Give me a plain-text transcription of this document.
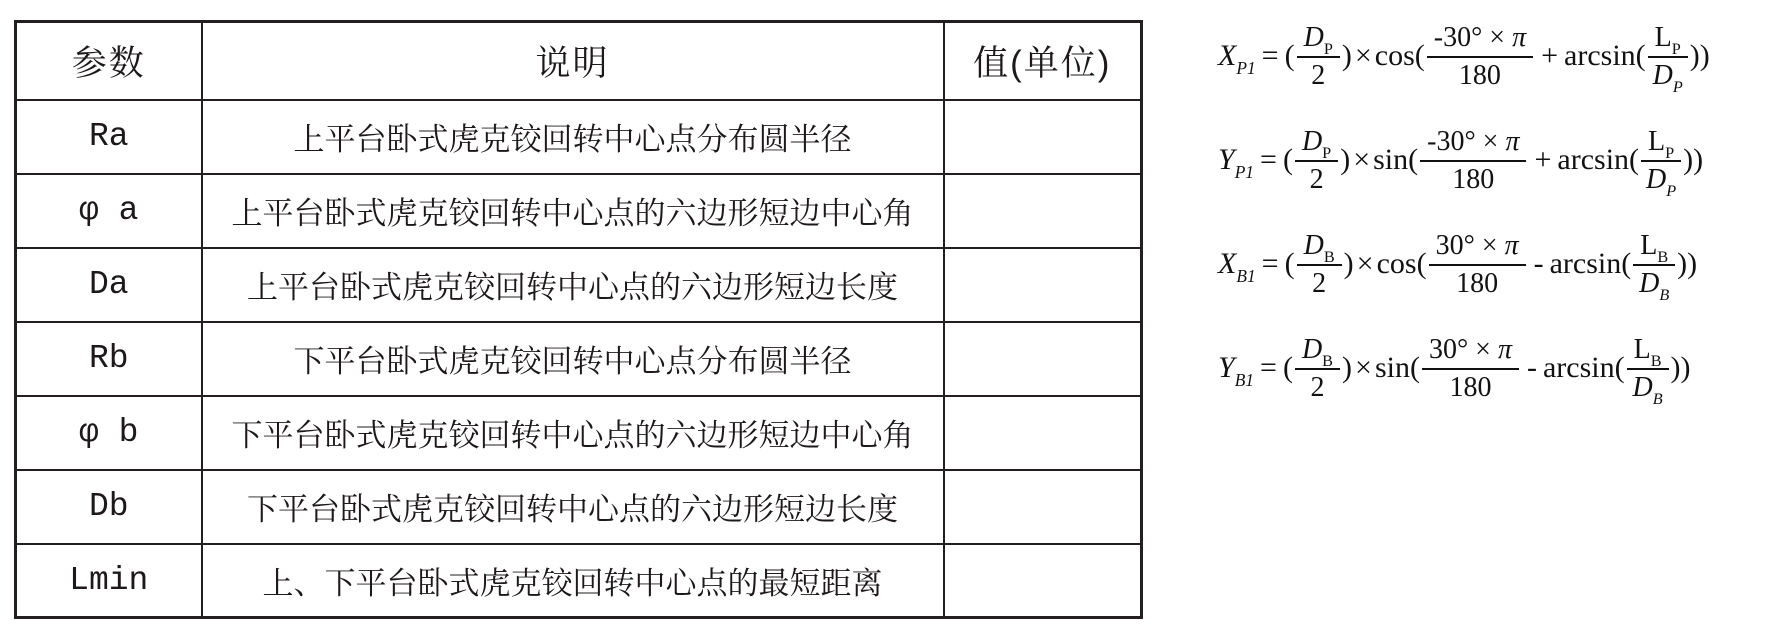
参数	说明	值(单位)
Ra	上平台卧式虎克铰回转中心点分布圆半径	
φ a	上平台卧式虎克铰回转中心点的六边形短边中心角	
Da	上平台卧式虎克铰回转中心点的六边形短边长度	
Rb	下平台卧式虎克铰回转中心点分布圆半径	
φ b	下平台卧式虎克铰回转中心点的六边形短边中心角	
Db	下平台卧式虎克铰回转中心点的六边形短边长度	
Lmin	上、下平台卧式虎克铰回转中心点的最短距离	
$X_{P1}$ = ( $\frac{D_P}{2}$ ) × $\cos( \frac{-30^\circ \times \pi}{180} + \arcsin( \frac{L_P}{D_P}$ ))
$Y_{P1}$ = ( $\frac{D_P}{2}$ ) × $\sin( \frac{-30^\circ \times \pi}{180} + \arcsin( \frac{L_P}{D_P}$ ))
$X_{B1}$ = ( $\frac{D_B}{2}$ ) × $\cos( \frac{30^\circ \times \pi}{180} - \arcsin( \frac{L_B}{D_B}$ ))
$Y_{B1}$ = ( $\frac{D_B}{2}$ ) × $\sin( \frac{30^\circ \times \pi}{180} - \arcsin( \frac{L_B}{D_B}$ ))
